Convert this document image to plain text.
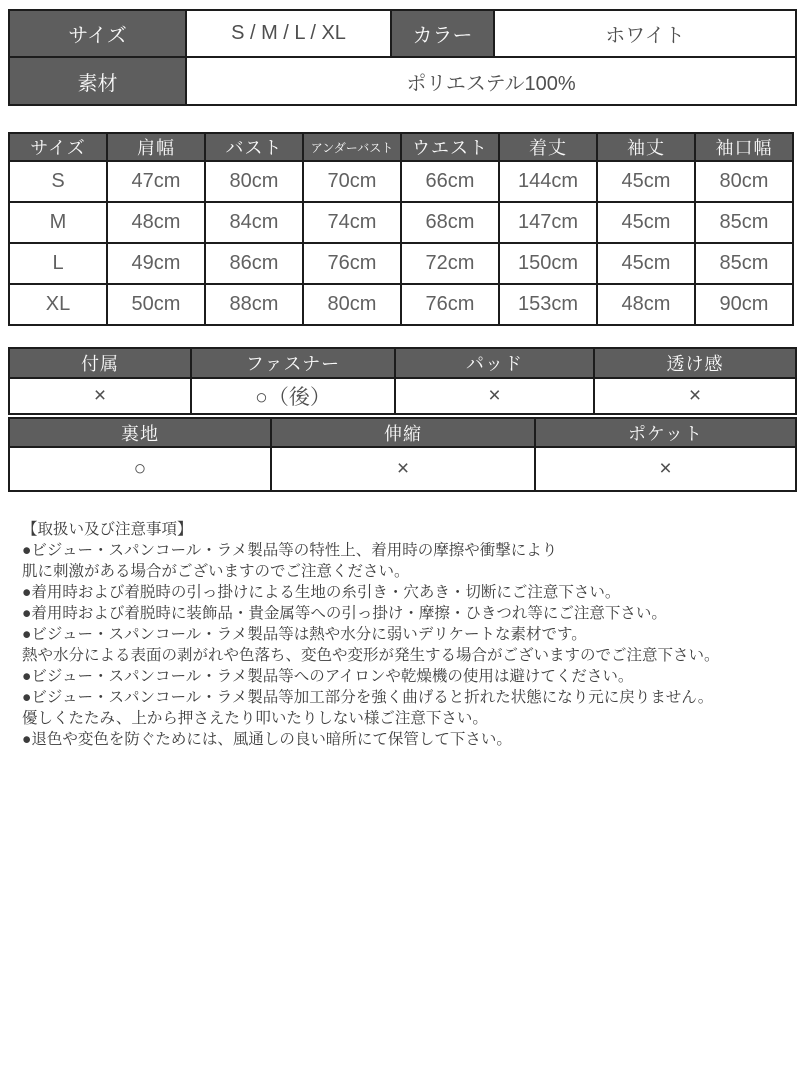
サイズ	S / M / L / XL	カラー	ホワイト
素材	ポリエステル100%		
サイズ	肩幅	バスト	アンダーバスト	ウエスト	着丈	袖丈	袖口幅
S	47cm	80cm	70cm	66cm	144cm	45cm	80cm
M	48cm	84cm	74cm	68cm	147cm	45cm	85cm
L	49cm	86cm	76cm	72cm	150cm	45cm	85cm
XL	50cm	88cm	80cm	76cm	153cm	48cm	90cm
付属	ファスナー	パッド	透け感
×	○（後）	×	×
裏地	伸縮	ポケット
○	×	×
【取扱い及び注意事項】
●ビジュー・スパンコール・ラメ製品等の特性上、着用時の摩擦や衝撃により
肌に刺激がある場合がございますのでご注意ください。
●着用時および着脱時の引っ掛けによる生地の糸引き・穴あき・切断にご注意下さい。
●着用時および着脱時に装飾品・貴金属等への引っ掛け・摩擦・ひきつれ等にご注意下さい。
●ビジュー・スパンコール・ラメ製品等は熱や水分に弱いデリケートな素材です。
熱や水分による表面の剥がれや色落ち、変色や変形が発生する場合がございますのでご注意下さい。
●ビジュー・スパンコール・ラメ製品等へのアイロンや乾燥機の使用は避けてください。
●ビジュー・スパンコール・ラメ製品等加工部分を強く曲げると折れた状態になり元に戻りません。
優しくたたみ、上から押さえたり叩いたりしない様ご注意下さい。
●退色や変色を防ぐためには、風通しの良い暗所にて保管して下さい。
